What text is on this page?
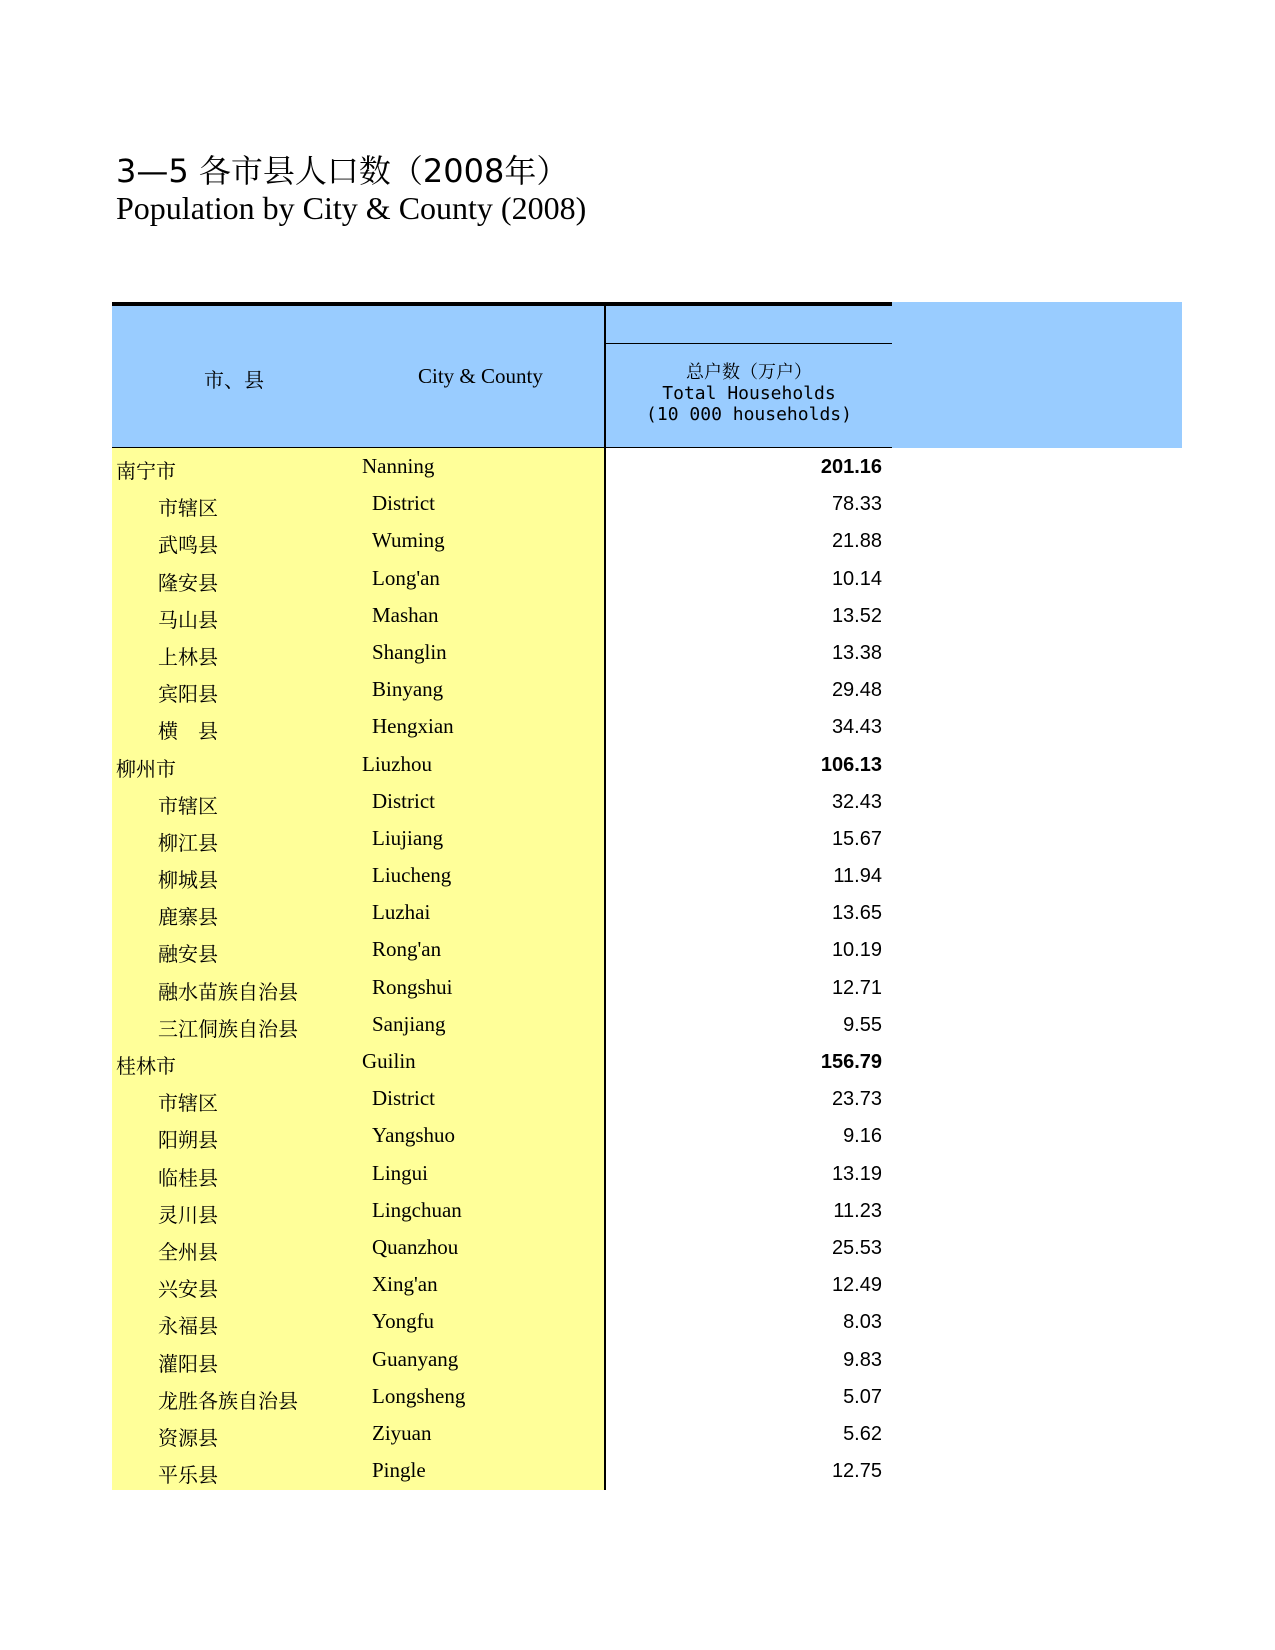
3—5 各市县人口数（2008年）
Population by City & County (2008)
市、县	City & County	总户数（万户）
Total Households
(10 000 households)
南宁市	Nanning	201.16
市辖区	District	78.33
武鸣县	Wuming	21.88
隆安县	Long'an	10.14
马山县	Mashan	13.52
上林县	Shanglin	13.38
宾阳县	Binyang	29.48
横　县	Hengxian	34.43
柳州市	Liuzhou	106.13
市辖区	District	32.43
柳江县	Liujiang	15.67
柳城县	Liucheng	11.94
鹿寨县	Luzhai	13.65
融安县	Rong'an	10.19
融水苗族自治县	Rongshui	12.71
三江侗族自治县	Sanjiang	9.55
桂林市	Guilin	156.79
市辖区	District	23.73
阳朔县	Yangshuo	9.16
临桂县	Lingui	13.19
灵川县	Lingchuan	11.23
全州县	Quanzhou	25.53
兴安县	Xing'an	12.49
永福县	Yongfu	8.03
灌阳县	Guanyang	9.83
龙胜各族自治县	Longsheng	5.07
资源县	Ziyuan	5.62
平乐县	Pingle	12.75
